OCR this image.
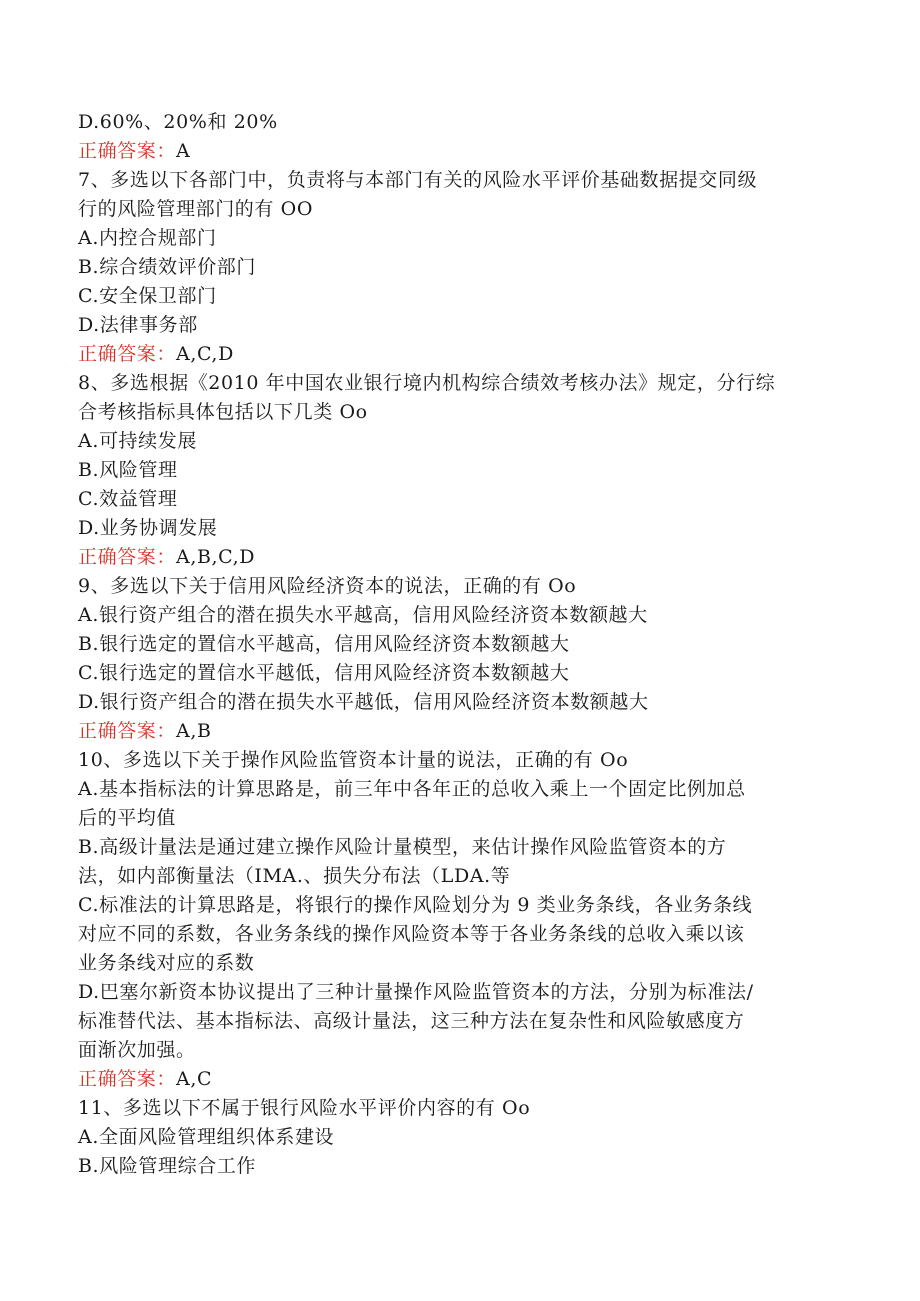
D.60%、20%和 20%
正确答案：A
7、多选以下各部门中，负责将与本部门有关的风险水平评价基础数据提交同级
行的风险管理部门的有 OO
A.内控合规部门
B.综合绩效评价部门
C.安全保卫部门
D.法律事务部
正确答案：A,C,D
8、多选根据《2010 年中国农业银行境内机构综合绩效考核办法》规定，分行综
合考核指标具体包括以下几类 Oo
A.可持续发展
B.风险管理
C.效益管理
D.业务协调发展
正确答案：A,B,C,D
9、多选以下关于信用风险经济资本的说法，正确的有 Oo
A.银行资产组合的潜在损失水平越高，信用风险经济资本数额越大
B.银行选定的置信水平越高，信用风险经济资本数额越大
C.银行选定的置信水平越低，信用风险经济资本数额越大
D.银行资产组合的潜在损失水平越低，信用风险经济资本数额越大
正确答案：A,B
10、多选以下关于操作风险监管资本计量的说法，正确的有 Oo
A.基本指标法的计算思路是，前三年中各年正的总收入乘上一个固定比例加总
后的平均值
B.高级计量法是通过建立操作风险计量模型，来估计操作风险监管资本的方
法，如内部衡量法（IMA.、损失分布法（LDA.等
C.标准法的计算思路是，将银行的操作风险划分为 9 类业务条线，各业务条线
对应不同的系数，各业务条线的操作风险资本等于各业务条线的总收入乘以该
业务条线对应的系数
D.巴塞尔新资本协议提出了三种计量操作风险监管资本的方法，分别为标准法/
标准替代法、基本指标法、高级计量法，这三种方法在复杂性和风险敏感度方
面渐次加强。
正确答案：A,C
11、多选以下不属于银行风险水平评价内容的有 Oo
A.全面风险管理组织体系建设
B.风险管理综合工作
